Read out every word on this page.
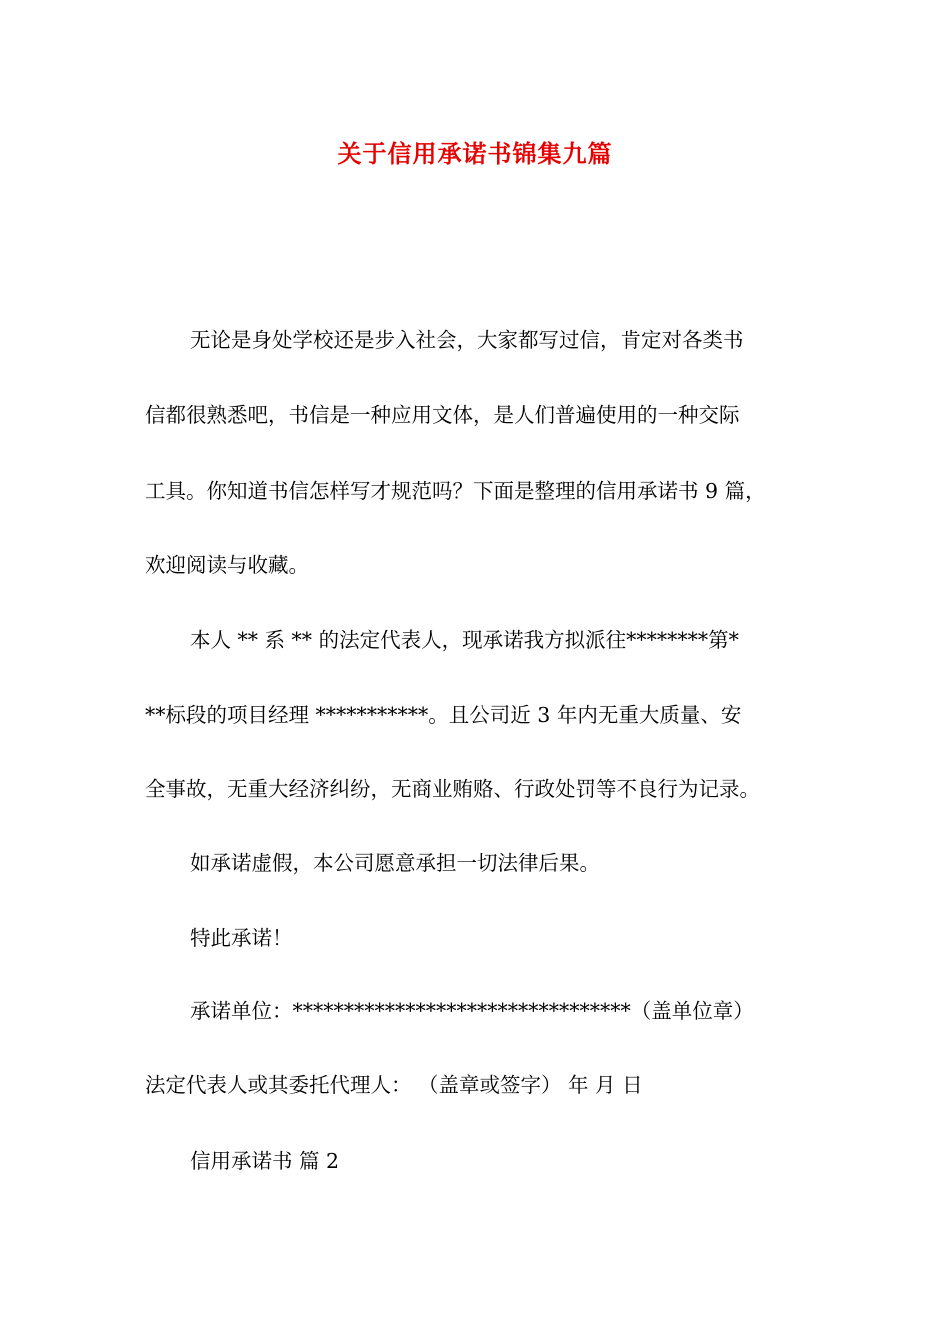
关于信用承诺书锦集九篇

无论是身处学校还是步入社会，大家都写过信，肯定对各类书

信都很熟悉吧，书信是一种应用文体，是人们普遍使用的一种交际

工具。你知道书信怎样写才规范吗？下面是整理的信用承诺书 9 篇，

欢迎阅读与收藏。

本人 ** 系 ** 的法定代表人，现承诺我方拟派往********第*

**标段的项目经理 ***********。且公司近 3 年内无重大质量、安

全事故，无重大经济纠纷，无商业贿赂、行政处罚等不良行为记录。

如承诺虚假，本公司愿意承担一切法律后果。

特此承诺！

承诺单位：*********************************（盖单位章）

法定代表人或其委托代理人： （盖章或签字） 年 月 日

信用承诺书 篇 2
